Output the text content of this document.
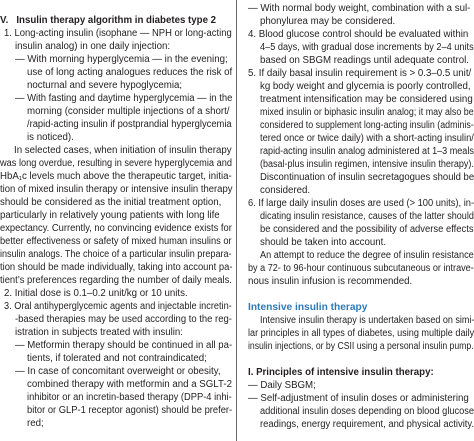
V.   Insulin therapy algorithm in diabetes type 2
1. Long-acting insulin (isophane — NPH or long-acting
insulin analog) in one daily injection:
— With morning hyperglycemia — in the evening;
use of long acting analogues reduces the risk of
nocturnal and severe hypoglycemia;
— With fasting and daytime hyperglycemia — in the
morning (consider multiple injections of a short/
/rapid-acting insulin if postprandial hyperglycemia
is noticed).
In selected cases, when initiation of insulin therapy
was long overdue, resulting in severe hyperglycemia and
HbA₁c levels much above the therapeutic target, initia-
tion of mixed insulin therapy or intensive insulin therapy
should be considered as the initial treatment option,
particularly in relatively young patients with long life
expectancy. Currently, no convincing evidence exists for
better effectiveness or safety of mixed human insulins or
insulin analogs. The choice of a particular insulin prepara-
tion should be made individually, taking into account pa-
tient’s preferences regarding the number of daily meals.
2. Initial dose is 0.1–0.2 unit/kg or 10 units.
3. Oral antihyperglycemic agents and injectable incretin-
-based therapies may be used according to the reg-
istration in subjects treated with insulin:
— Metformin therapy should be continued in all pa-
tients, if tolerated and not contraindicated;
— In case of concomitant overweight or obesity,
combined therapy with metformin and a SGLT-2
inhibitor or an incretin-based therapy (DPP-4 inhi-
bitor or GLP-1 receptor agonist) should be prefer-
red;
— With normal body weight, combination with a sul-
phonylurea may be considered.
4. Blood glucose control should be evaluated within
4–5 days, with gradual dose increments by 2–4 units
based on SBGM readings until adequate control.
5. If daily basal insulin requirement is > 0.3–0.5 unit/
kg body weight and glycemia is poorly controlled,
treatment intensification may be considered using
mixed insulin or biphasic insulin analog; it may also be
considered to supplement long-acting insulin (adminis-
tered once or twice daily) with a short-acting insulin/
rapid-acting insulin analog administered at 1–3 meals
(basal-plus insulin regimen, intensive insulin therapy).
Discontinuation of insulin secretagogues should be
considered.
6. If large daily insulin doses are used (> 100 units), in-
dicating insulin resistance, causes of the latter should
be considered and the possibility of adverse effects
should be taken into account.
An attempt to reduce the degree of insulin resistance
by a 72- to 96-hour continuous subcutaneous or intrave-
nous insulin infusion is recommended.
Intensive insulin therapy
Intensive insulin therapy is undertaken based on simi-
lar principles in all types of diabetes, using multiple daily
insulin injections, or by CSII using a personal insulin pump.
I. Principles of intensive insulin therapy:
— Daily SBGM;
— Self-adjustment of insulin doses or administering
additional insulin doses depending on blood glucose
readings, energy requirement, and physical activity.
